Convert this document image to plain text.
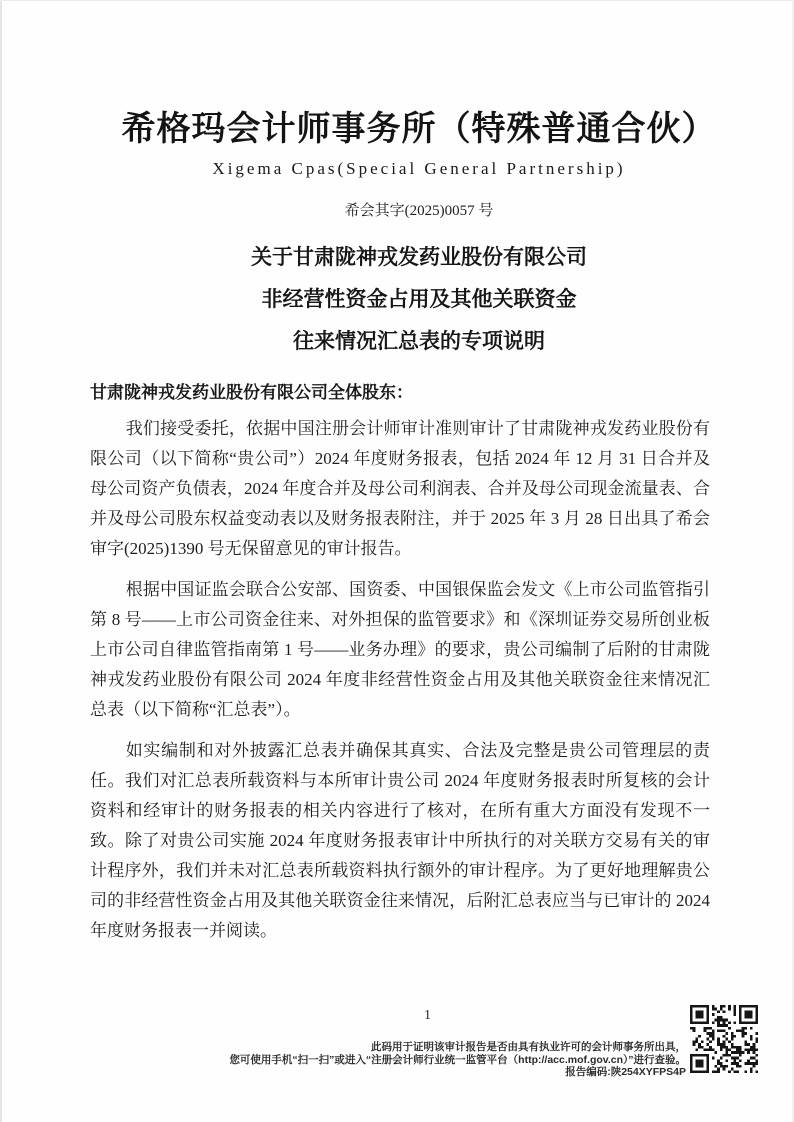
希格玛会计师事务所（特殊普通合伙）
Xigema Cpas(Special General Partnership)
希会其字(2025)0057 号
关于甘肃陇神戎发药业股份有限公司
非经营性资金占用及其他关联资金
往来情况汇总表的专项说明
甘肃陇神戎发药业股份有限公司全体股东：

我们接受委托，依据中国注册会计师审计准则审计了甘肃陇神戎发药业股份有限公司（以下简称“贵公司”）2024 年度财务报表，包括 2024 年 12 月 31 日合并及母公司资产负债表，2024 年度合并及母公司利润表、合并及母公司现金流量表、合并及母公司股东权益变动表以及财务报表附注，并于 2025 年 3 月 28 日出具了希会审字(2025)1390 号无保留意见的审计报告。

根据中国证监会联合公安部、国资委、中国银保监会发文《上市公司监管指引第 8 号——上市公司资金往来、对外担保的监管要求》和《深圳证券交易所创业板上市公司自律监管指南第 1 号——业务办理》的要求，贵公司编制了后附的甘肃陇神戎发药业股份有限公司 2024 年度非经营性资金占用及其他关联资金往来情况汇总表（以下简称“汇总表”）。

如实编制和对外披露汇总表并确保其真实、合法及完整是贵公司管理层的责任。我们对汇总表所载资料与本所审计贵公司 2024 年度财务报表时所复核的会计资料和经审计的财务报表的相关内容进行了核对，在所有重大方面没有发现不一致。除了对贵公司实施 2024 年度财务报表审计中所执行的对关联方交易有关的审计程序外，我们并未对汇总表所载资料执行额外的审计程序。为了更好地理解贵公司的非经营性资金占用及其他关联资金往来情况，后附汇总表应当与已审计的 2024 年度财务报表一并阅读。

1
此码用于证明该审计报告是否由具有执业许可的会计师事务所出具，
您可使用手机“扫一扫”或进入“注册会计师行业统一监管平台（http://acc.mof.gov.cn）”进行查验。
报告编码:陕254XYFPS4P
